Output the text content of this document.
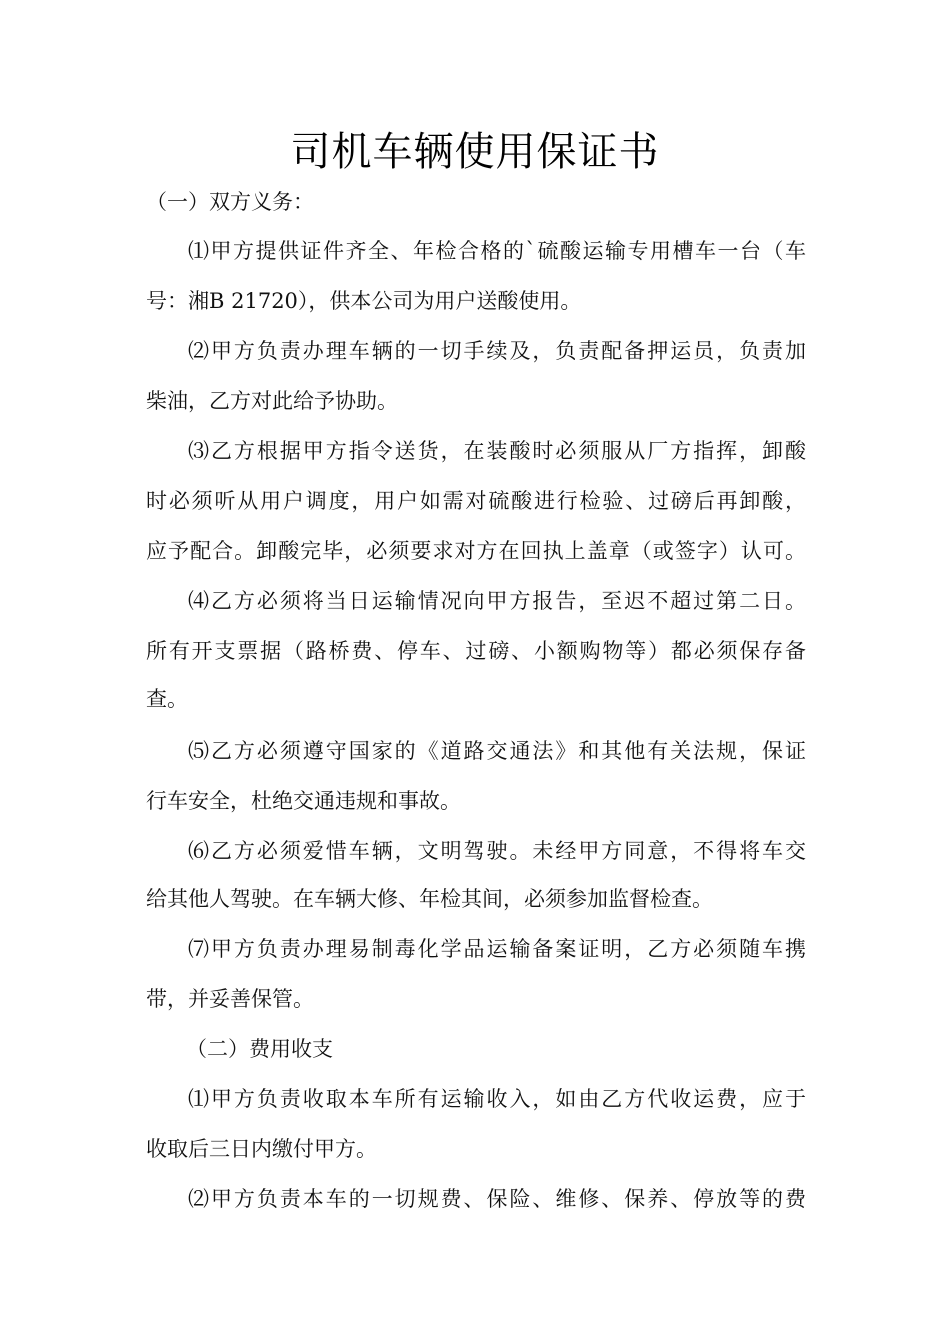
司机车辆使用保证书
（一）双方义务：
⑴甲方提供证件齐全、年检合格的`硫酸运输专用槽车一台（车
号：湘B 21720），供本公司为用户送酸使用。
⑵甲方负责办理车辆的一切手续及，负责配备押运员，负责加
柴油，乙方对此给予协助。
⑶乙方根据甲方指令送货，在装酸时必须服从厂方指挥，卸酸
时必须听从用户调度，用户如需对硫酸进行检验、过磅后再卸酸，
应予配合。卸酸完毕，必须要求对方在回执上盖章（或签字）认可。
⑷乙方必须将当日运输情况向甲方报告，至迟不超过第二日。
所有开支票据（路桥费、停车、过磅、小额购物等）都必须保存备
查。
⑸乙方必须遵守国家的《道路交通法》和其他有关法规，保证
行车安全，杜绝交通违规和事故。
⑹乙方必须爱惜车辆，文明驾驶。未经甲方同意，不得将车交
给其他人驾驶。在车辆大修、年检其间，必须参加监督检查。
⑺甲方负责办理易制毒化学品运输备案证明，乙方必须随车携
带，并妥善保管。
（二）费用收支
⑴甲方负责收取本车所有运输收入，如由乙方代收运费，应于
收取后三日内缴付甲方。
⑵甲方负责本车的一切规费、保险、维修、保养、停放等的费
